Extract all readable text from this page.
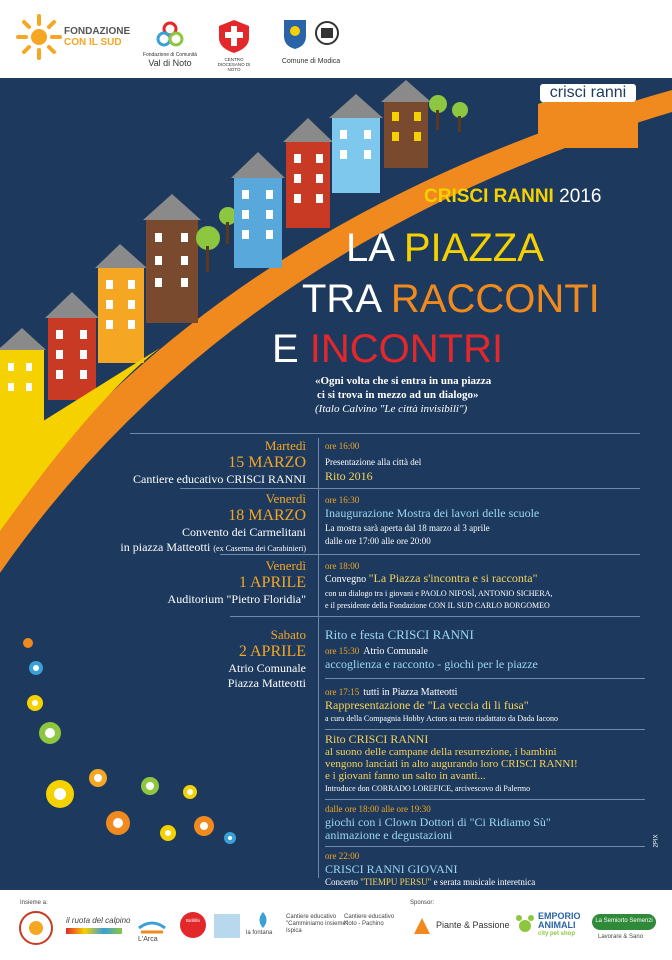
FONDAZIONE
CON IL SUD
Fondazione di Comunità
Val di Noto	CENTRO DIOCESANO DI NOTO
Comune di Modica
crisci ranni
CRISCI RANNI 2016
LA PIAZZA
TRA RACCONTI
E INCONTRI
«Ogni volta che si entra in una piazza
ci si trova in mezzo ad un dialogo»
(Italo Calvino "Le città invisibili")
Martedì
15 MARZO
Cantiere educativo CRISCI RANNI
ore 16:00
Presentazione alla città del
Rito 2016
Venerdì
18 MARZO
Convento dei Carmelitani
in piazza Matteotti (ex Caserma dei Carabinieri)
ore 16:30
Inaugurazione Mostra dei lavori delle scuole
La mostra sarà aperta dal 18 marzo al 3 aprile
dalle ore 17:00 alle ore 20:00
Venerdì
1 APRILE
Auditorium "Pietro Floridia"
ore 18:00
Convegno "La Piazza s'incontra e si racconta"
con un dialogo tra i giovani e PAOLO NIFOSÌ, ANTONIO SICHERA,
e il presidente della Fondazione CON IL SUD CARLO BORGOMEO
Sabato
2 APRILE
Atrio Comunale
Piazza Matteotti
Rito e festa CRISCI RANNI
ore 15:30 Atrio Comunale
accoglienza e racconto - giochi per le piazze
ore 17:15 tutti in Piazza Matteotti
Rappresentazione de "La veccia di li fusa"
a cura della Compagnia Hobby Actors su testo riadattato da Dada Iacono
Rito CRISCI RANNI
al suono delle campane della resurrezione, i bambini
vengono lanciati in alto augurando loro CRISCI RANNI!
e i giovani fanno un salto in avanti...
Introduce don CORRADO LOREFICE, arcivescovo di Palermo
dalle ore 18:00 alle ore 19:30
giochi con i Clown Dottori di "Ci Ridiamo Sù"
animazione e degustazioni
ore 22:00
CRISCI RANNI GIOVANI
Concerto "TIEMPU PERSU" e serata musicale interetnica
2PIX
Insieme a:
il ruota del calpino
L'Arca
Birillillo
la fontana
Cantiere educativo
"Camminiamo insieme"
Ispica
Cantiere educativo
Noto - Pachino
Sponsor:
Piante & Passione
EMPORIO
ANIMALI
city pet shop
La Semiorto Semenzi
Lavorare & Sano
